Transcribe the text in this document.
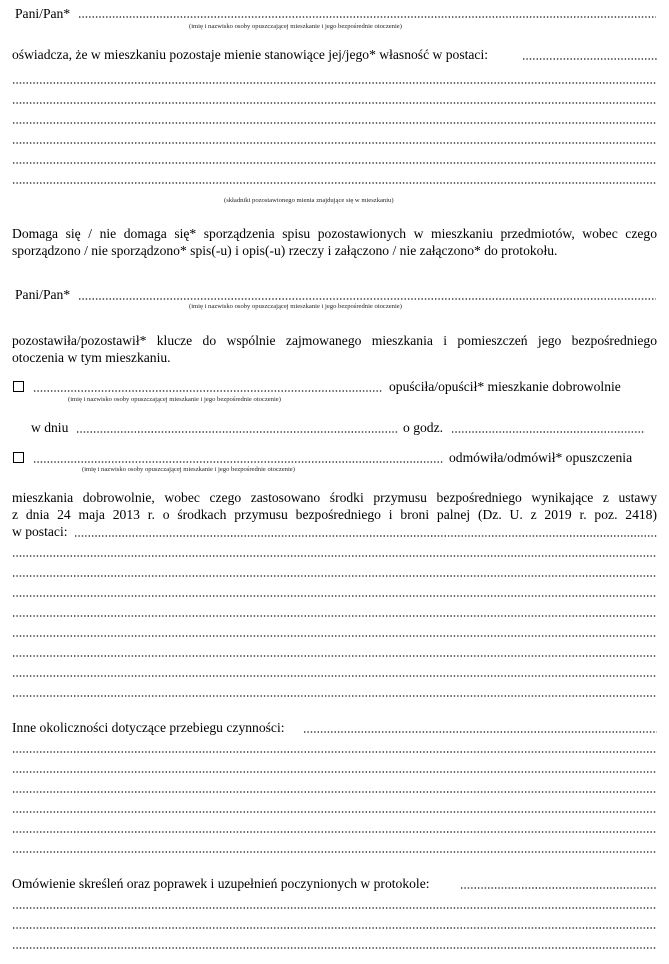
Pani/Pan*
(imię i nazwisko osoby opuszczającej mieszkanie i jego bezpośrednie otoczenie)
oświadcza, że w mieszkaniu pozostaje mienie stanowiące jej/jego* własność w postaci:
(składniki pozostawionego mienia znajdujące się w mieszkaniu)
Domaga się / nie domaga się* sporządzenia spisu pozostawionych w mieszkaniu przedmiotów, wobec czego
sporządzono / nie sporządzono* spis(-u) i opis(-u) rzeczy i załączono / nie załączono* do protokołu.
Pani/Pan*
(imię i nazwisko osoby opuszczającej mieszkanie i jego bezpośrednie otoczenie)
pozostawiła/pozostawił* klucze do wspólnie zajmowanego mieszkania i pomieszczeń jego bezpośredniego
otoczenia w tym mieszkaniu.
opuściła/opuścił* mieszkanie dobrowolnie
(imię i nazwisko osoby opuszczającej mieszkanie i jego bezpośrednie otoczenie)
w dniu	o godz.
odmówiła/odmówił* opuszczenia
(imię i nazwisko osoby opuszczającej mieszkanie i jego bezpośrednie otoczenie)
mieszkania dobrowolnie, wobec czego zastosowano środki przymusu bezpośredniego wynikające z ustawy
z dnia 24 maja 2013 r. o środkach przymusu bezpośredniego i broni palnej (Dz. U. z 2019 r. poz. 2418)
w postaci:
Inne okoliczności dotyczące przebiegu czynności:
Omówienie skreśleń oraz poprawek i uzupełnień poczynionych w protokole:
